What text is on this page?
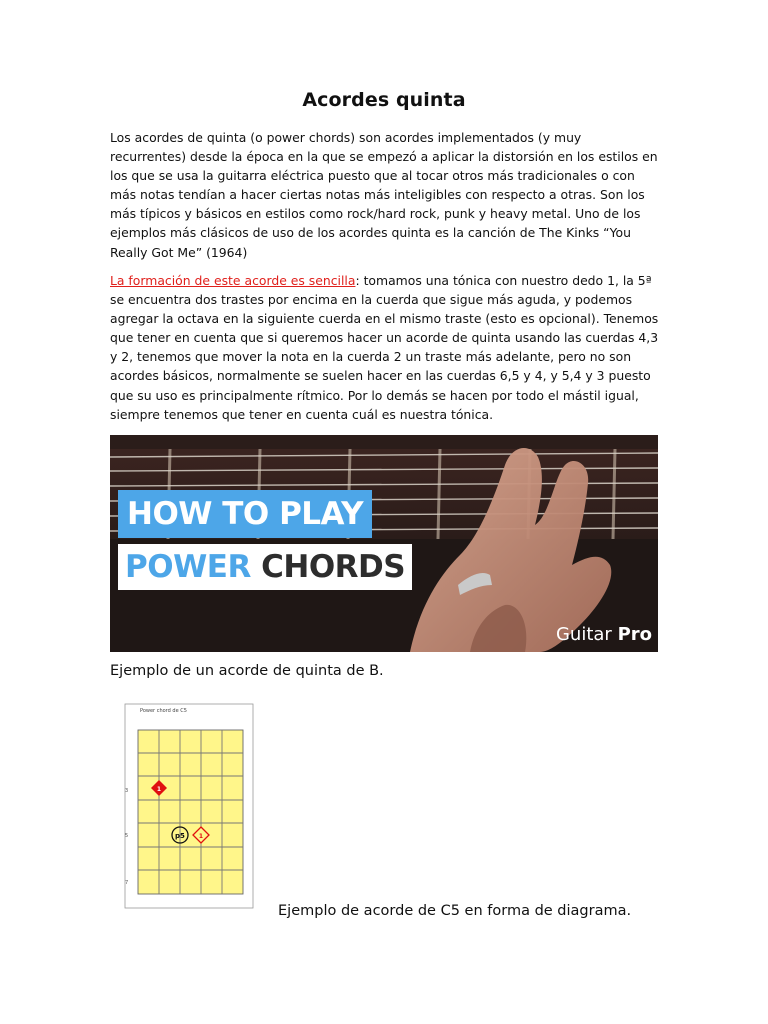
Acordes quinta
Los acordes de quinta (o power chords) son acordes implementados (y muy recurrentes) desde la época en la que se empezó a aplicar la distorsión en los estilos en los que se usa la guitarra eléctrica puesto que al tocar otros más tradicionales o con más notas tendían a hacer ciertas notas más inteligibles con respecto a otras. Son los más típicos y básicos en estilos como rock/hard rock, punk y heavy metal. Uno de los ejemplos más clásicos de uso de los acordes quinta es la canción de The Kinks “You Really Got Me” (1964)
La formación de este acorde es sencilla: tomamos una tónica con nuestro dedo 1, la 5ª se encuentra dos trastes por encima en la cuerda que sigue más aguda, y podemos agregar la octava en la siguiente cuerda en el mismo traste (esto es opcional). Tenemos que tener en cuenta que si queremos hacer un acorde de quinta usando las cuerdas 4,3 y 2, tenemos que mover la nota en la cuerda 2 un traste más adelante, pero no son acordes básicos, normalmente se suelen hacer en las cuerdas 6,5 y 4, y 5,4 y 3 puesto que su uso es principalmente rítmico. Por lo demás se hacen por todo el mástil igual, siempre tenemos que tener en cuenta cuál es nuestra tónica.
HOW TO PLAY
POWER CHORDS
Guitar Pro
Ejemplo de un acorde de quinta de B.
Power chord de C5
3
5
7
1
p5 1
Ejemplo de acorde de C5 en forma de diagrama.
